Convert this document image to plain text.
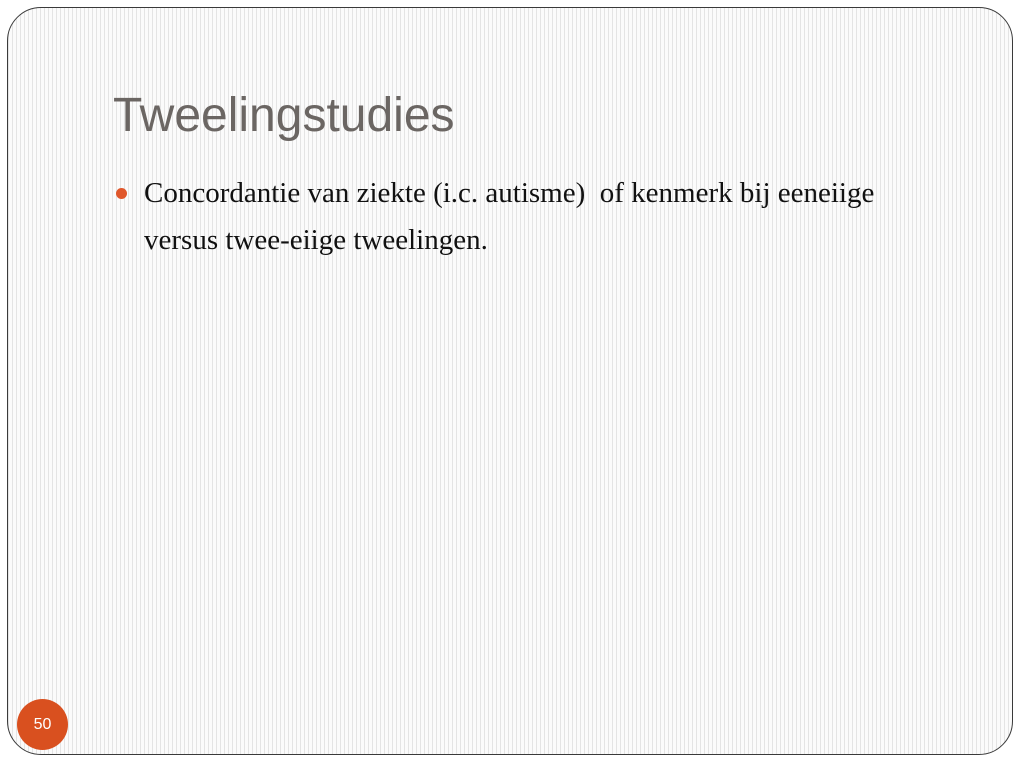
Tweelingstudies
Concordantie van ziekte (i.c. autisme)  of kenmerk bij eeneiige versus twee-eiige tweelingen.
50
